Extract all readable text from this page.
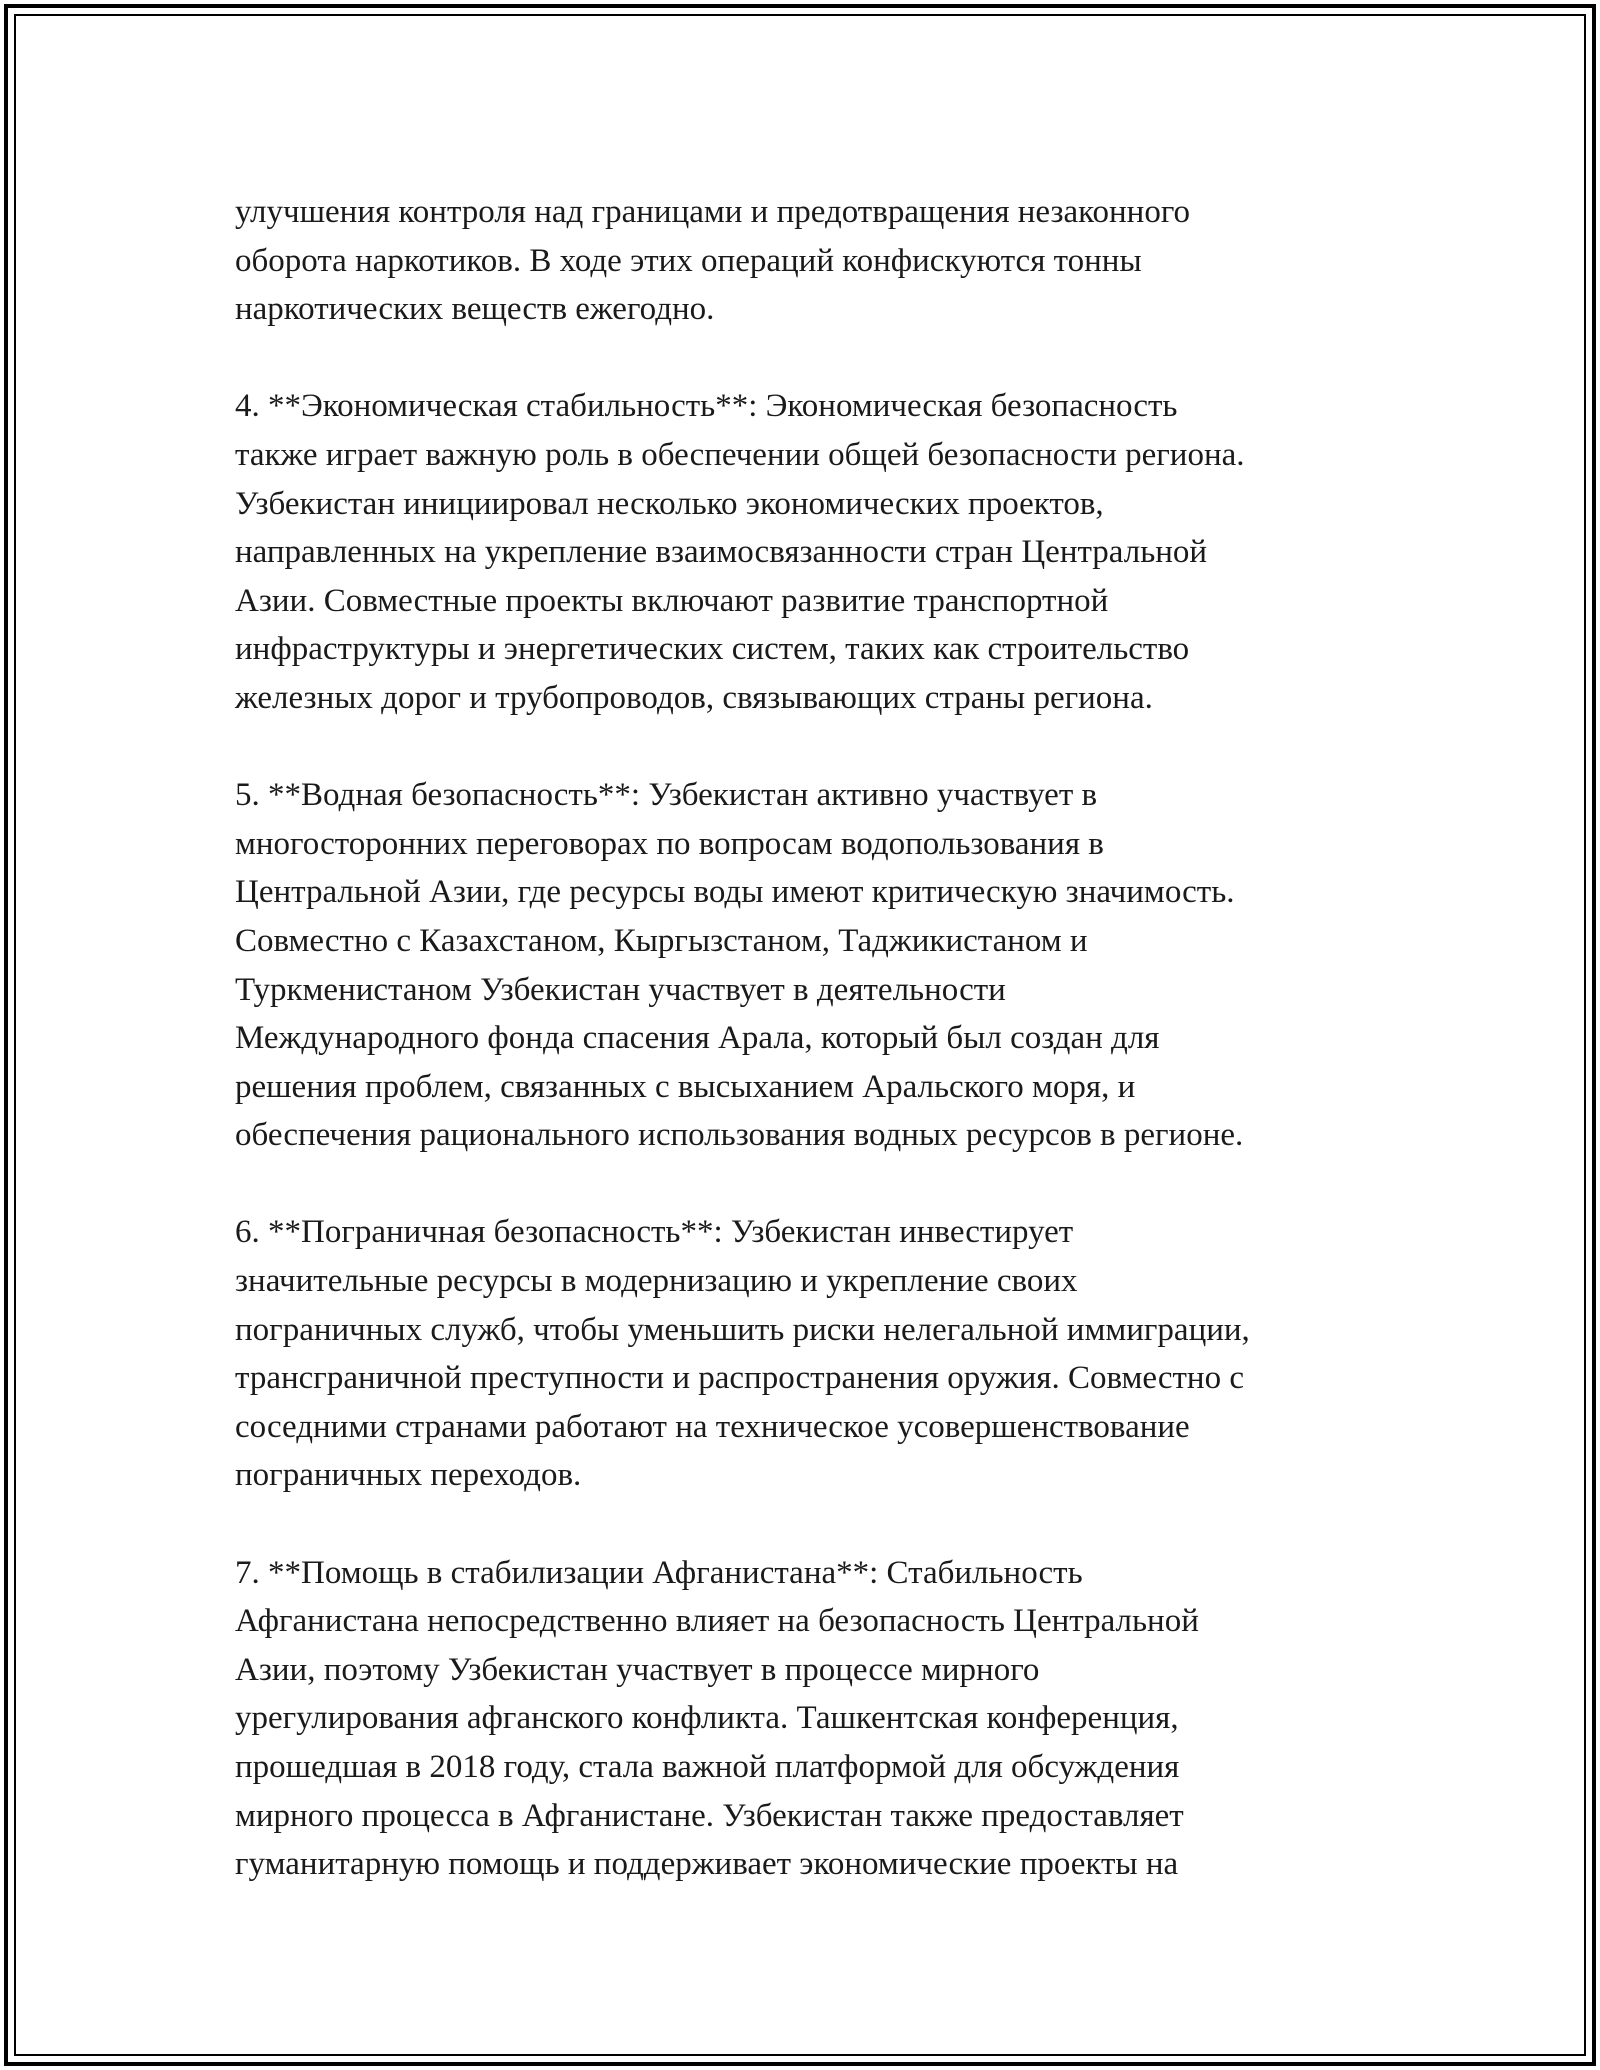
улучшения контроля над границами и предотвращения незаконного
оборота наркотиков. В ходе этих операций конфискуются тонны
наркотических веществ ежегодно.
4. **Экономическая стабильность**: Экономическая безопасность
также играет важную роль в обеспечении общей безопасности региона.
Узбекистан инициировал несколько экономических проектов,
направленных на укрепление взаимосвязанности стран Центральной
Азии. Совместные проекты включают развитие транспортной
инфраструктуры и энергетических систем, таких как строительство
железных дорог и трубопроводов, связывающих страны региона.
5. **Водная безопасность**: Узбекистан активно участвует в
многосторонних переговорах по вопросам водопользования в
Центральной Азии, где ресурсы воды имеют критическую значимость.
Совместно с Казахстаном, Кыргызстаном, Таджикистаном и
Туркменистаном Узбекистан участвует в деятельности
Международного фонда спасения Арала, который был создан для
решения проблем, связанных с высыханием Аральского моря, и
обеспечения рационального использования водных ресурсов в регионе.
6. **Пограничная безопасность**: Узбекистан инвестирует
значительные ресурсы в модернизацию и укрепление своих
пограничных служб, чтобы уменьшить риски нелегальной иммиграции,
трансграничной преступности и распространения оружия. Совместно с
соседними странами работают на техническое усовершенствование
пограничных переходов.
7. **Помощь в стабилизации Афганистана**: Стабильность
Афганистана непосредственно влияет на безопасность Центральной
Азии, поэтому Узбекистан участвует в процессе мирного
урегулирования афганского конфликта. Ташкентская конференция,
прошедшая в 2018 году, стала важной платформой для обсуждения
мирного процесса в Афганистане. Узбекистан также предоставляет
гуманитарную помощь и поддерживает экономические проекты на
